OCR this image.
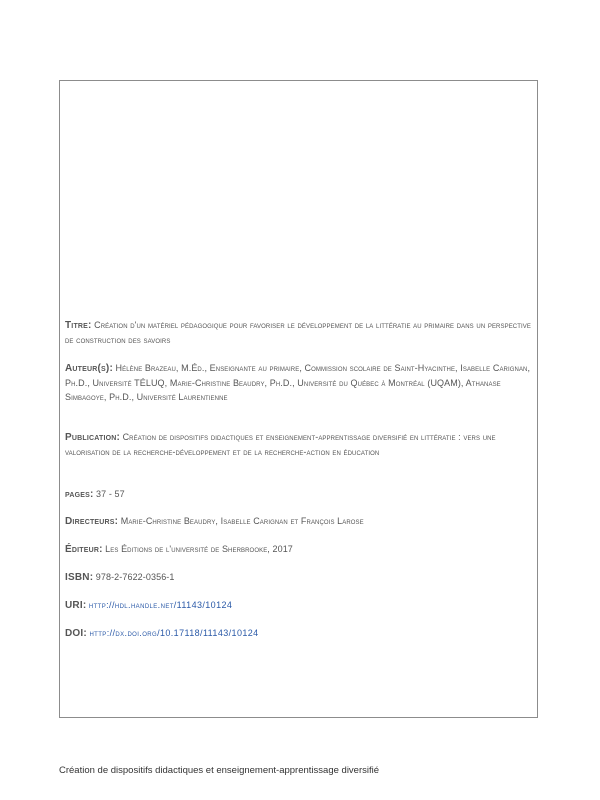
Titre: Création d'un matériel pédagogique pour favoriser le développement de la littératie au primaire dans un perspective de construction des savoirs
Auteur(s): Hélène Brazeau, M.Éd., Enseignante au primaire, Commission scolaire de Saint-Hyacinthe, Isabelle Carignan, Ph.D., Université TÉLUQ, Marie-Christine Beaudry, Ph.D., Université du Québec à Montréal (UQAM), Athanase Simbagoye, Ph.D., Université Laurentienne
Publication: Création de dispositifs didactiques et enseignement-apprentissage diversifié en littératie : vers une valorisation de la recherche-développement et de la recherche-action en éducation
pages: 37 - 57
Directeurs: Marie-Christine Beaudry, Isabelle Carignan et François Larose
Éditeur: Les Éditions de l'université de Sherbrooke, 2017
ISBN: 978-2-7622-0356-1
URI: http://hdl.handle.net/11143/10124
DOI: http://dx.doi.org/10.17118/11143/10124
Création de dispositifs didactiques et enseignement-apprentissage diversifié
